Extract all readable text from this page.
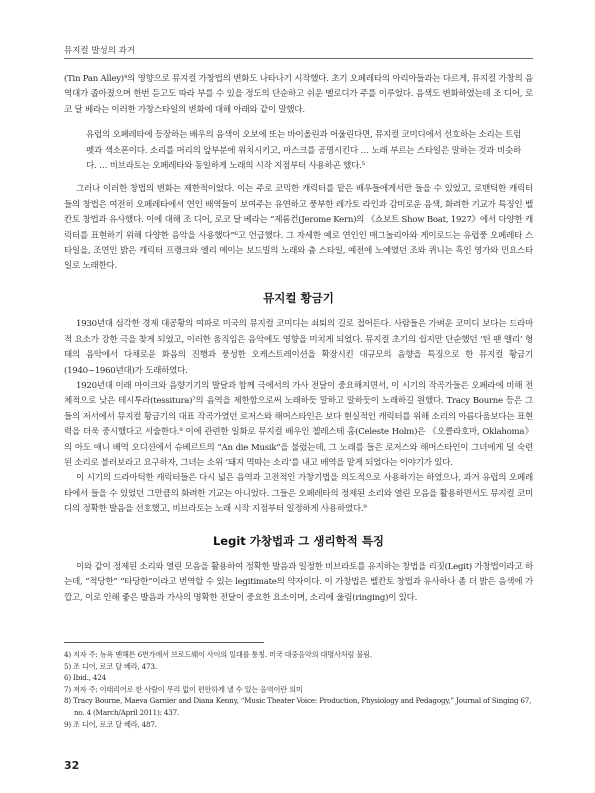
뮤지컬 발성의 과거

(Tin Pan Alley)⁴의 영향으로 뮤지컬 가창법의 변화도 나타나기 시작했다. 초기 오페레타의 아리아들과는 다르게, 뮤지컬 가창의 음역대가 좁아졌으며 한번 듣고도 따라 부를 수 있을 정도의 단순하고 쉬운 멜로디가 주를 이루었다. 음색도 변화하였는데 조 디어, 로코 달 베라는 이러한 가창스타일의 변화에 대해 아래와 같이 말했다.

유럽의 오페레타에 등장하는 배우의 음색이 오보에 또는 바이올린과 어울린다면, 뮤지컬 코미디에서 선호하는 소리는 트럼펫과 색소폰이다. 소리를 머리의 앞부분에 위치시키고, 마스크를 공명시킨다 … 노래 부르는 스타일은 말하는 것과 비슷하다. … 비브라토는 오페레타와 동일하게 노래의 시작 지점부터 사용하곤 했다.⁵

그러나 이러한 창법의 변화는 제한적이었다. 이는 주로 코믹한 캐릭터를 맡은 배우들에게서만 들을 수 있었고, 로맨틱한 캐릭터들의 창법은 여전히 오페레타에서 연인 배역들이 보여주는 유연하고 풍부한 레가토 라인과 감미로운 음색, 화려한 기교가 특징인 벨칸토 창법과 유사했다. 이에 대해 조 디어, 로코 달 베라는 “제롬컨(Jerome Kern)의 《쇼보트 Show Boat, 1927》에서 다양한 캐릭터를 표현하기 위해 다양한 음악을 사용했다”⁶고 언급했다. 그 자세한 예로 연인인 매그놀리아와 게이로드는 유럽풍 오페레타 스타일을, 조연인 밝은 캐릭터 프랭크와 엘리 메이는 보드빌의 노래와 춤 스타일, 예전에 노예였던 조와 퀴니는 흑인 영가와 민요스타일로 노래한다.

뮤지컬 황금기

1930년대 심각한 경제 대공황의 여파로 미국의 뮤지컬 코미디는 쇠퇴의 길로 접어든다. 사람들은 가벼운 코미디 보다는 드라마적 요소가 강한 극을 찾게 되었고, 이러한 움직임은 음악에도 영향을 미치게 되었다. 뮤지컬 초기의 쉽지만 단순했던 ‘틴 팬 앨리’ 형태의 음악에서 다채로운 화음의 진행과 풍성한 오케스트레이션을 확장시킨 대규모의 음향을 특징으로 한 뮤지컬 황금기(1940~1960년대)가 도래하였다.

1920년대 이래 마이크와 음향기기의 발달과 함께 극에서의 가사 전달이 중요해지면서, 이 시기의 작곡가들은 오페라에 비해 전체적으로 낮은 테시투라(tessitura)⁷의 음역을 제한함으로써 노래하듯 말하고 말하듯이 노래하길 원했다. Tracy Bourne 등은 그들의 저서에서 뮤지컬 황금기의 대표 작곡가였던 로저스와 해머스타인은 보다 현실적인 캐릭터를 위해 소리의 아름다움보다는 표현력을 더욱 중시했다고 서술한다.⁸ 이에 관련한 일화로 뮤지컬 배우인 첼레스테 홈(Celeste Holm)은 《오클라호마, Oklahoma》의 아도 애니 배역 오디션에서 슈베르트의 “An die Musik”을 불렀는데, 그 노래를 들은 로저스와 해머스타인이 그녀에게 덜 숙련된 소리로 불러보라고 요구하자, 그녀는 소위 ‘돼지 멱따는 소리’를 내고 배역을 맡게 되었다는 이야기가 있다.

이 시기의 드라마틱한 캐릭터들은 다시 넓은 음역과 고전적인 가창기법을 의도적으로 사용하기는 하였으나, 과거 유럽의 오페레타에서 들을 수 있었던 그만큼의 화려한 기교는 아니었다. 그들은 오페레타의 정제된 소리와 열린 모음을 활용하면서도 뮤지컬 코미디의 정확한 발음을 선호했고, 비브라토는 노래 시작 지점부터 일정하게 사용하였다.⁹

Legit 가창법과 그 생리학적 특징

이와 같이 정제된 소리와 열린 모음을 활용하여 정확한 발음과 일정한 비브라토를 유지하는 창법을 리짓(Legit) 가창법이라고 하는데, “적당한” “타당한”이라고 번역할 수 있는 legitimate의 약자이다. 이 가창법은 벨칸토 창법과 유사하나 좀 더 밝은 음색에 가깝고, 이로 인해 좋은 발음과 가사의 명확한 전달이 중요한 요소이며, 소리에 울림(ringing)이 있다.

4) 저자 주: 뉴욕 맨해튼 6번가에서 브로드웨이 사이의 일대를 통칭. 미국 대중음악의 대명사처럼 불림.

5) 조 디어, 로코 달 베라, 473.

6) Ibid., 424

7) 저자 주: 이태리어로 한 사람이 무리 없이 편안하게 낼 수 있는 음역이란 의미

8) Tracy Bourne, Maeva Garnier and Diana Kenny, “Music Theater Voice: Production, Physiology and Pedagogy,” Journal of Singing 67, no. 4 (March/April 2011): 437.

9) 조 디어, 로코 달 베라, 487.

32
